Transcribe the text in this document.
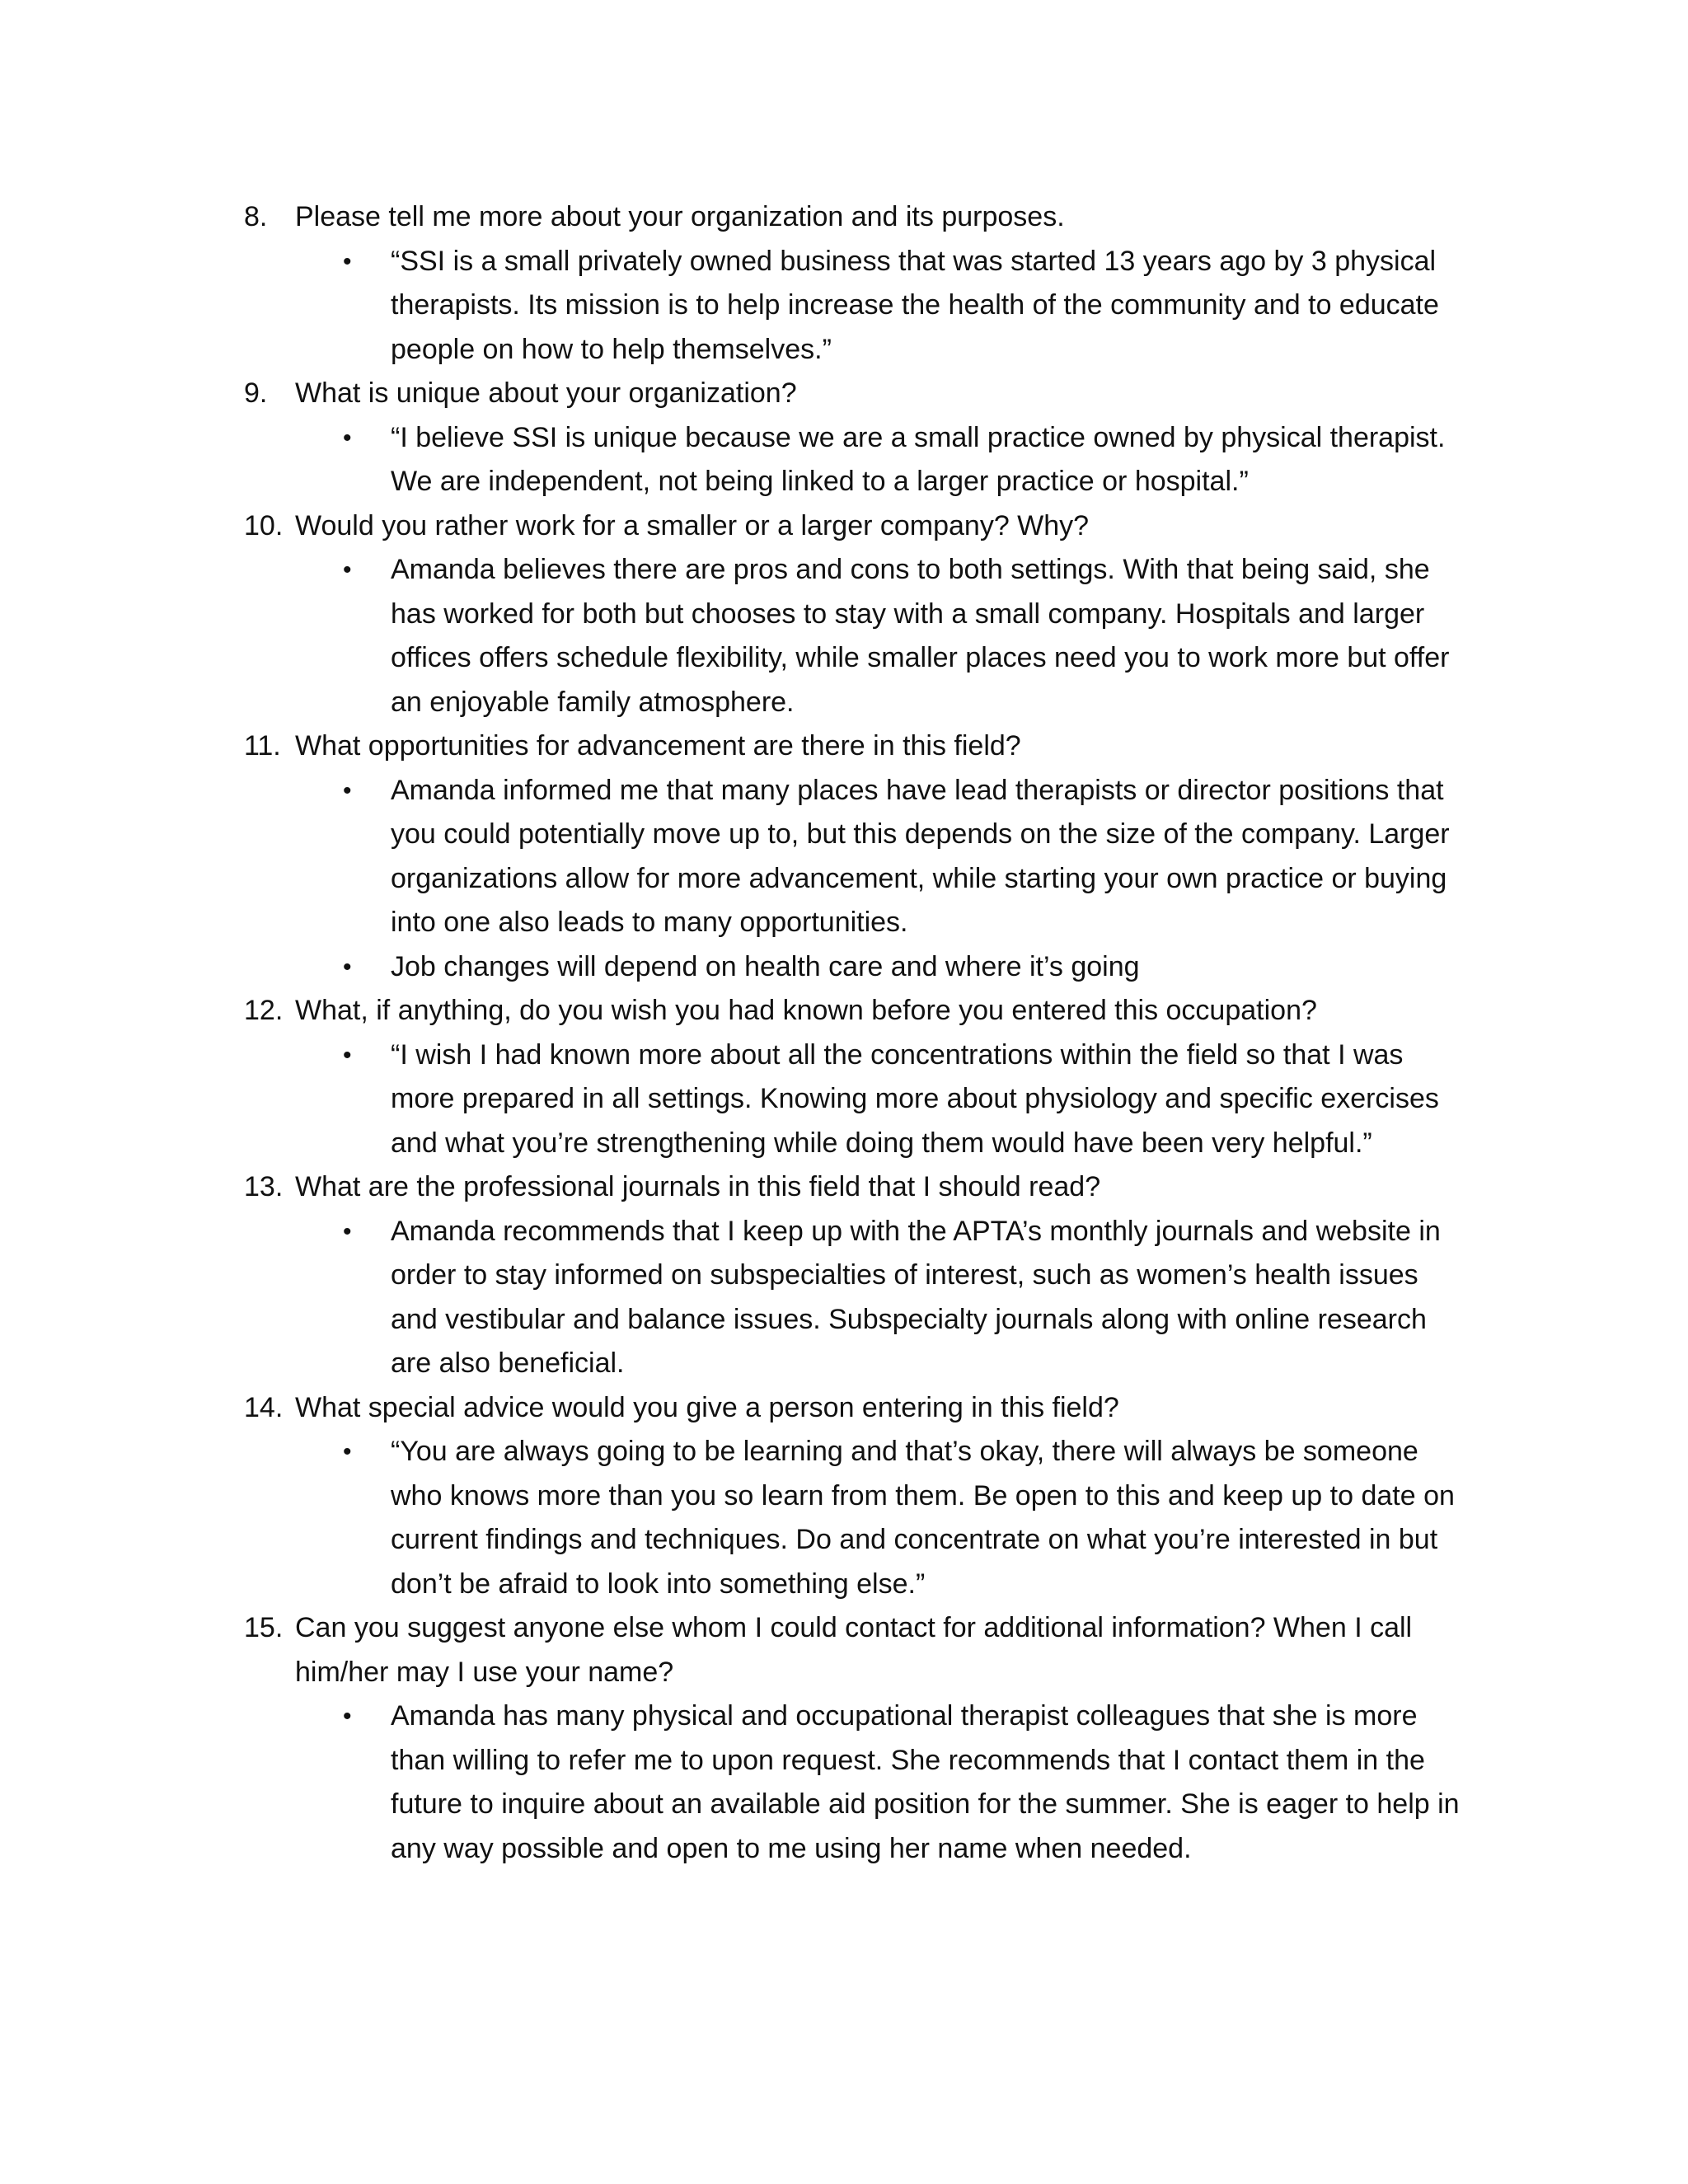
8. Please tell me more about your organization and its purposes.
• “SSI is a small privately owned business that was started 13 years ago by 3 physical therapists. Its mission is to help increase the health of the community and to educate people on how to help themselves.”
9. What is unique about your organization?
• “I believe SSI is unique because we are a small practice owned by physical therapist. We are independent, not being linked to a larger practice or hospital.”
10. Would you rather work for a smaller or a larger company? Why?
• Amanda believes there are pros and cons to both settings. With that being said, she has worked for both but chooses to stay with a small company. Hospitals and larger offices offers schedule flexibility, while smaller places need you to work more but offer an enjoyable family atmosphere.
11. What opportunities for advancement are there in this field?
• Amanda informed me that many places have lead therapists or director positions that you could potentially move up to, but this depends on the size of the company. Larger organizations allow for more advancement, while starting your own practice or buying into one also leads to many opportunities.
• Job changes will depend on health care and where it’s going
12. What, if anything, do you wish you had known before you entered this occupation?
• “I wish I had known more about all the concentrations within the field so that I was more prepared in all settings. Knowing more about physiology and specific exercises and what you’re strengthening while doing them would have been very helpful.”
13. What are the professional journals in this field that I should read?
• Amanda recommends that I keep up with the APTA’s monthly journals and website in order to stay informed on subspecialties of interest, such as women’s health issues and vestibular and balance issues. Subspecialty journals along with online research are also beneficial.
14. What special advice would you give a person entering in this field?
• “You are always going to be learning and that’s okay, there will always be someone who knows more than you so learn from them. Be open to this and keep up to date on current findings and techniques. Do and concentrate on what you’re interested in but don’t be afraid to look into something else.”
15. Can you suggest anyone else whom I could contact for additional information? When I call him/her may I use your name?
• Amanda has many physical and occupational therapist colleagues that she is more than willing to refer me to upon request. She recommends that I contact them in the future to inquire about an available aid position for the summer. She is eager to help in any way possible and open to me using her name when needed.
